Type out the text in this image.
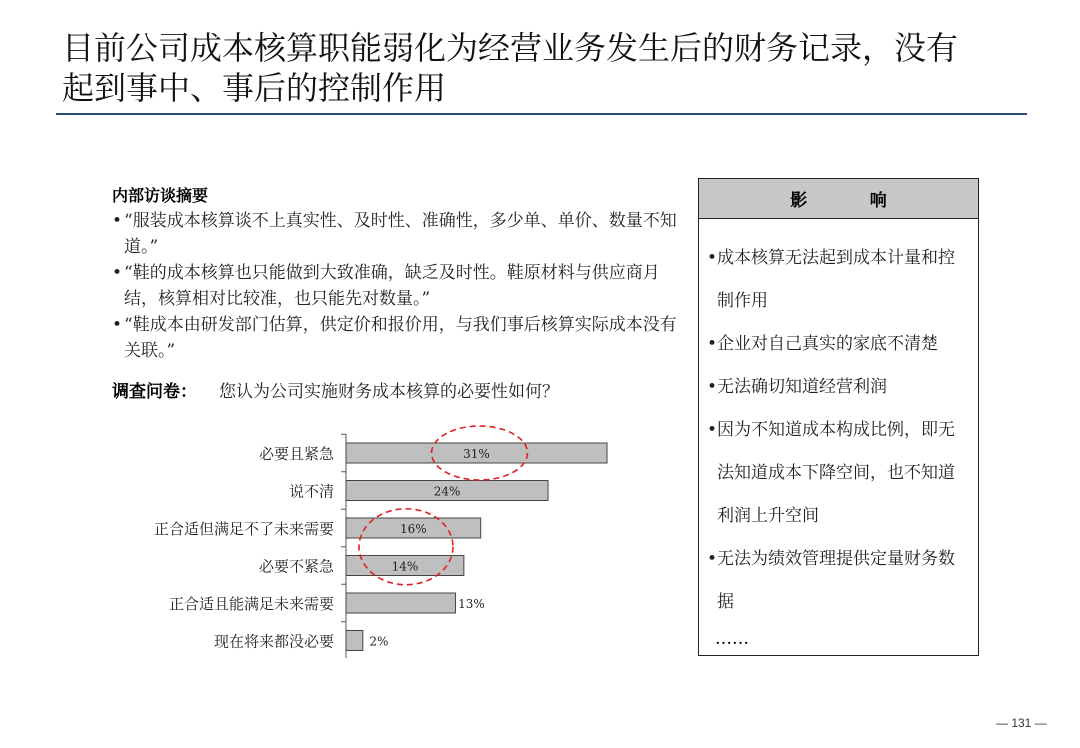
目前公司成本核算职能弱化为经营业务发生后的财务记录，没有
起到事中、事后的控制作用
内部访谈摘要
• “服装成本核算谈不上真实性、及时性、准确性，多少单、单价、数量不知道。”
• “鞋的成本核算也只能做到大致准确，缺乏及时性。鞋原材料与供应商月结，核算相对比较准，也只能先对数量。”
• “鞋成本由研发部门估算，供定价和报价用，与我们事后核算实际成本没有关联。”
调查问卷： 您认为公司实施财务成本核算的必要性如何？
必要且紧急	31%
说不清	24%
正合适但满足不了未来需要	16%
必要不紧急	14%
正合适且能满足未来需要	13%
现在将来都没必要	2%
影	响
• 成本核算无法起到成本计量和控制作用
• 企业对自己真实的家底不清楚
• 无法确切知道经营利润
• 因为不知道成本构成比例，即无法知道成本下降空间，也不知道利润上升空间
• 无法为绩效管理提供定量财务数据
……
— 131 —
